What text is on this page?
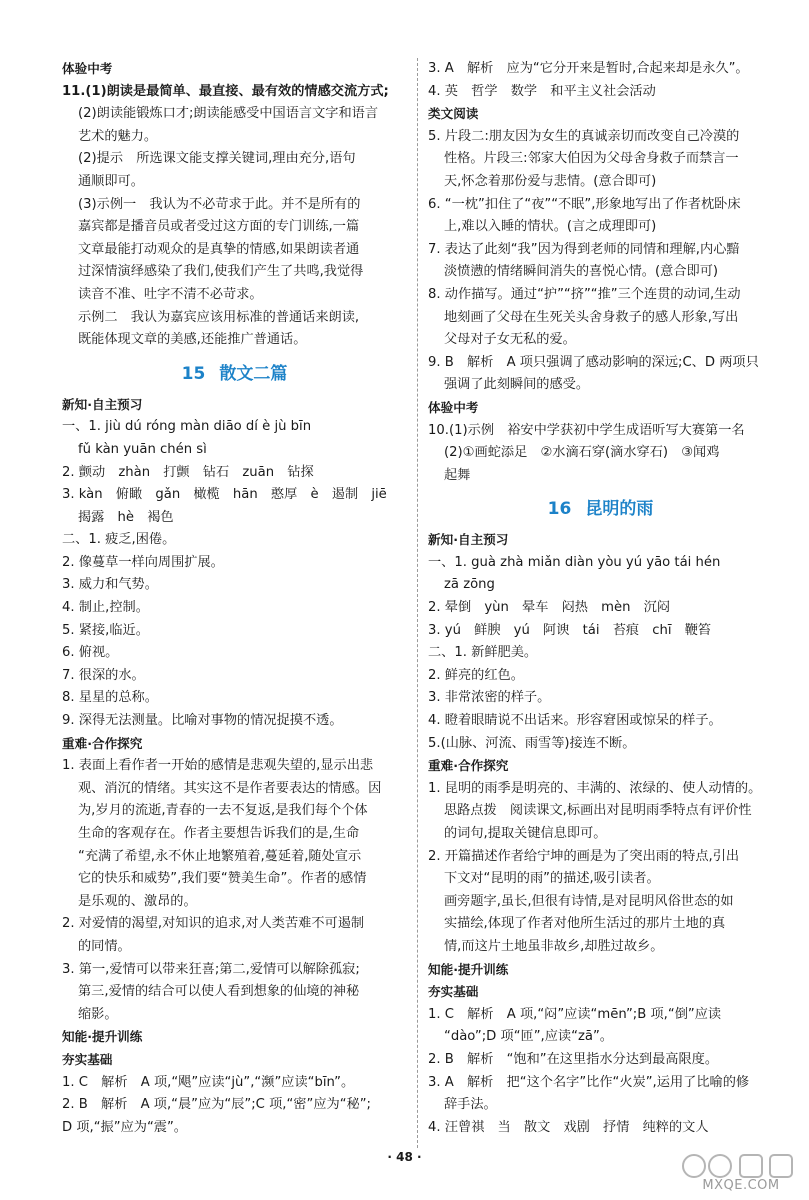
体验中考
11.(1)朗读是最简单、最直接、最有效的情感交流方式;
(2)朗读能锻炼口才;朗读能感受中国语言文字和语言
艺术的魅力。
(2)提示　所选课文能支撑关键词,理由充分,语句
通顺即可。
(3)示例一　我认为不必苛求于此。并不是所有的
嘉宾都是播音员或者受过这方面的专门训练,一篇
文章最能打动观众的是真挚的情感,如果朗读者通
过深情演绎感染了我们,使我们产生了共鸣,我觉得
读音不准、吐字不清不必苛求。
示例二　我认为嘉宾应该用标准的普通话来朗读,
既能体现文章的美感,还能推广普通话。
15 散文二篇
新知·自主预习
一、1. jiù dú róng màn diāo dí è jù bīn
fǔ kàn yuān chén sì
2. 颤动　zhàn　打颤　钻石　zuān　钻探
3. kàn　俯瞰　gǎn　橄榄　hān　憨厚　è　遏制　jiē
揭露　hè　褐色
二、1. 疲乏,困倦。
2. 像蔓草一样向周围扩展。
3. 威力和气势。
4. 制止,控制。
5. 紧接,临近。
6. 俯视。
7. 很深的水。
8. 星星的总称。
9. 深得无法测量。比喻对事物的情况捉摸不透。
重难·合作探究
1. 表面上看作者一开始的感情是悲观失望的,显示出悲
观、消沉的情绪。其实这不是作者要表达的情感。因
为,岁月的流逝,青春的一去不复返,是我们每个个体
生命的客观存在。作者主要想告诉我们的是,生命
“充满了希望,永不休止地繁殖着,蔓延着,随处宣示
它的快乐和威势”,我们要“赞美生命”。作者的感情
是乐观的、激昂的。
2. 对爱情的渴望,对知识的追求,对人类苦难不可遏制
的同情。
3. 第一,爱情可以带来狂喜;第二,爱情可以解除孤寂;
第三,爱情的结合可以使人看到想象的仙境的神秘
缩影。
知能·提升训练
夯实基础
1. C　解析　A 项,“飓”应读“jù”,“濒”应读“bīn”。
2. B　解析　A 项,“晨”应为“辰”;C 项,“密”应为“秘”;
D 项,“振”应为“震”。
3. A　解析　应为“它分开来是暂时,合起来却是永久”。
4. 英　哲学　数学　和平主义社会活动
类文阅读
5. 片段二:朋友因为女生的真诚亲切而改变自己冷漠的
性格。片段三:邻家大伯因为父母舍身救子而禁言一
天,怀念着那份爱与悲情。(意合即可)
6. “一枕”扣住了“夜”“不眠”,形象地写出了作者枕卧床
上,难以入睡的情状。(言之成理即可)
7. 表达了此刻“我”因为得到老师的同情和理解,内心黯
淡愤懑的情绪瞬间消失的喜悦心情。(意合即可)
8. 动作描写。通过“护”“挤”“推”三个连贯的动词,生动
地刻画了父母在生死关头舍身救子的感人形象,写出
父母对子女无私的爱。
9. B　解析　A 项只强调了感动影响的深远;C、D 两项只
强调了此刻瞬间的感受。
体验中考
10.(1)示例　裕安中学获初中学生成语听写大赛第一名
(2)①画蛇添足　②水滴石穿(滴水穿石)　③闻鸡
起舞
16 昆明的雨
新知·自主预习
一、1. guà zhà miǎn diàn yòu yú yāo tái hén
zā zōng
2. 晕倒　yùn　晕车　闷热　mèn　沉闷
3. yú　鲜腴　yú　阿谀　tái　苔痕　chī　鞭笞
二、1. 新鲜肥美。
2. 鲜亮的红色。
3. 非常浓密的样子。
4. 瞪着眼睛说不出话来。形容窘困或惊呆的样子。
5.(山脉、河流、雨雪等)接连不断。
重难·合作探究
1. 昆明的雨季是明亮的、丰满的、浓绿的、使人动情的。
思路点拨　阅读课文,标画出对昆明雨季特点有评价性
的词句,提取关键信息即可。
2. 开篇描述作者给宁坤的画是为了突出雨的特点,引出
下文对“昆明的雨”的描述,吸引读者。
画旁题字,虽长,但很有诗情,是对昆明风俗世态的如
实描绘,体现了作者对他所生活过的那片土地的真
情,而这片土地虽非故乡,却胜过故乡。
知能·提升训练
夯实基础
1. C　解析　A 项,“闷”应读“mēn”;B 项,“倒”应读
“dào”;D 项“匝”,应读“zā”。
2. B　解析　“饱和”在这里指水分达到最高限度。
3. A　解析　把“这个名字”比作“火炭”,运用了比喻的修
辞手法。
4. 汪曾祺　当　散文　戏剧　抒情　纯粹的文人
· 48 ·
MXQE.COM
